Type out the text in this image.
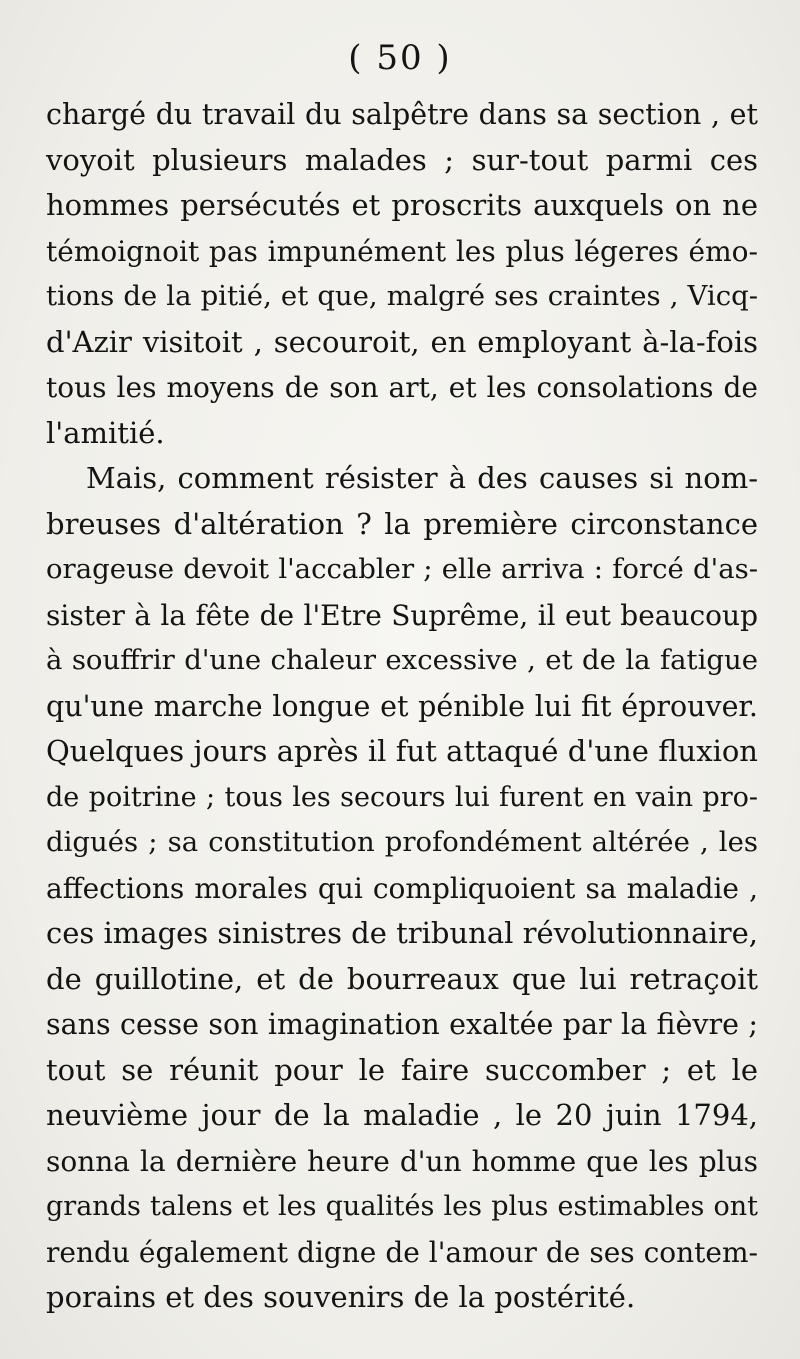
( 50 )
chargé du travail du salpêtre dans sa section , et
voyoit plusieurs malades ; sur-tout parmi ces
hommes persécutés et proscrits auxquels on ne
témoignoit pas impunément les plus légeres émo-
tions de la pitié, et que, malgré ses craintes , Vicq-
d'Azir visitoit , secouroit, en employant à-la-fois
tous les moyens de son art, et les consolations de
l'amitié.
Mais, comment résister à des causes si nom-
breuses d'altération ? la première circonstance
orageuse devoit l'accabler ; elle arriva : forcé d'as-
sister à la fête de l'Etre Suprême, il eut beaucoup
à souffrir d'une chaleur excessive , et de la fatigue
qu'une marche longue et pénible lui fit éprouver.
Quelques jours après il fut attaqué d'une fluxion
de poitrine ; tous les secours lui furent en vain pro-
digués ; sa constitution profondément altérée , les
affections morales qui compliquoient sa maladie ,
ces images sinistres de tribunal révolutionnaire,
de guillotine, et de bourreaux que lui retraçoit
sans cesse son imagination exaltée par la fièvre ;
tout se réunit pour le faire succomber ; et le
neuvième jour de la maladie , le 20 juin 1794,
sonna la dernière heure d'un homme que les plus
grands talens et les qualités les plus estimables ont
rendu également digne de l'amour de ses contem-
porains et des souvenirs de la postérité.
